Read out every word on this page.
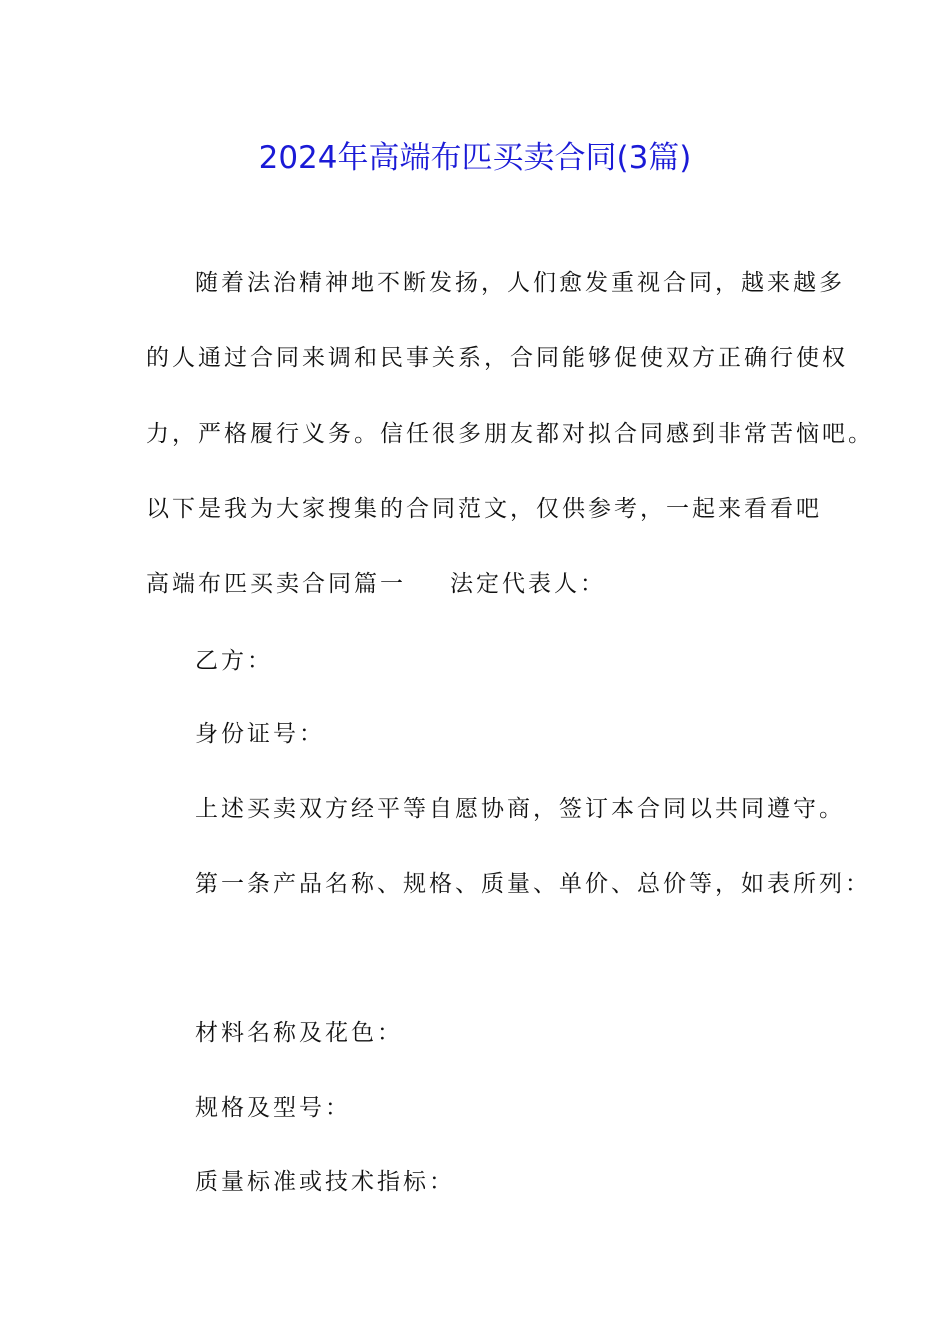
2024年高端布匹买卖合同(3篇)
随着法治精神地不断发扬，人们愈发重视合同，越来越多
的人通过合同来调和民事关系，合同能够促使双方正确行使权
力，严格履行义务。信任很多朋友都对拟合同感到非常苦恼吧。
以下是我为大家搜集的合同范文，仅供参考，一起来看看吧
高端布匹买卖合同篇一 法定代表人：
乙方：
身份证号：
上述买卖双方经平等自愿协商，签订本合同以共同遵守。
第一条产品名称、规格、质量、单价、总价等，如表所列：
材料名称及花色：
规格及型号：
质量标准或技术指标：
